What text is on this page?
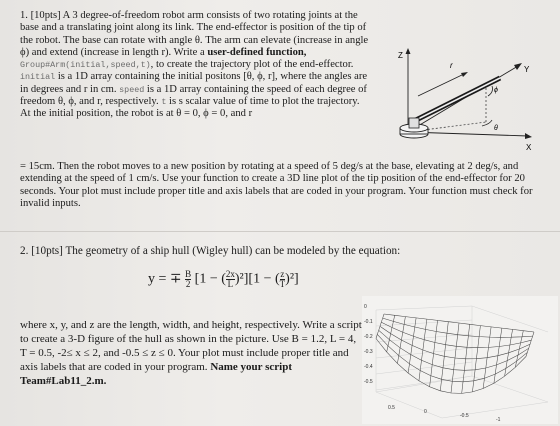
1. [10pts] A 3 degree-of-freedom robot arm consists of two rotating joints at the base and a translating joint along its link. The end-effector is position of the tip of the robot. The base can rotate with angle θ. The arm can elevate (increase in angle ϕ) and extend (increase in length r). Write a user-defined function, Group#Arm(initial,speed,t), to create the trajectory plot of the end-effector. initial is a 1D array containing the initial positons [θ, ϕ, r], where the angles are in degrees and r in cm. speed is a 1D array containing the speed of each degree of freedom θ, ϕ, and r, respectively. t is s scalar value of time to plot the trajectory. At the initial position, the robot is at θ = 0, ϕ = 0, and r

= 15cm. Then the robot moves to a new position by rotating at a speed of 5 deg/s at the base, elevating at 2 deg/s, and extending at the speed of 1 cm/s. Use your function to create a 3D line plot of the tip position of the end-effector for 20 seconds. Your plot must include proper title and axis labels that are coded in your program. Your function must check for invalid inputs.

Z
r	Y
X
ϕ
θ

2. [10pts] The geometry of a ship hull (Wigley hull) can be modeled by the equation:

y = ∓ $\frac{B}{2} [1$ − ( $\frac{2x}{L} )^2][1$ − ( $\frac{z}{T} )^2$]

where x, y, and z are the length, width, and height, respectively. Write a script to create a 3-D figure of the hull as shown in the picture. Use B = 1.2, L = 4, T = 0.5, -2≤ x ≤ 2, and -0.5 ≤ z ≤ 0. Your plot must include proper title and axis labels that are coded in your program. Name your script Team#Lab11_2.m.

0
-0.1
-0.2
-0.3
-0.4
-0.5
0.5
0
-0.5
-1
